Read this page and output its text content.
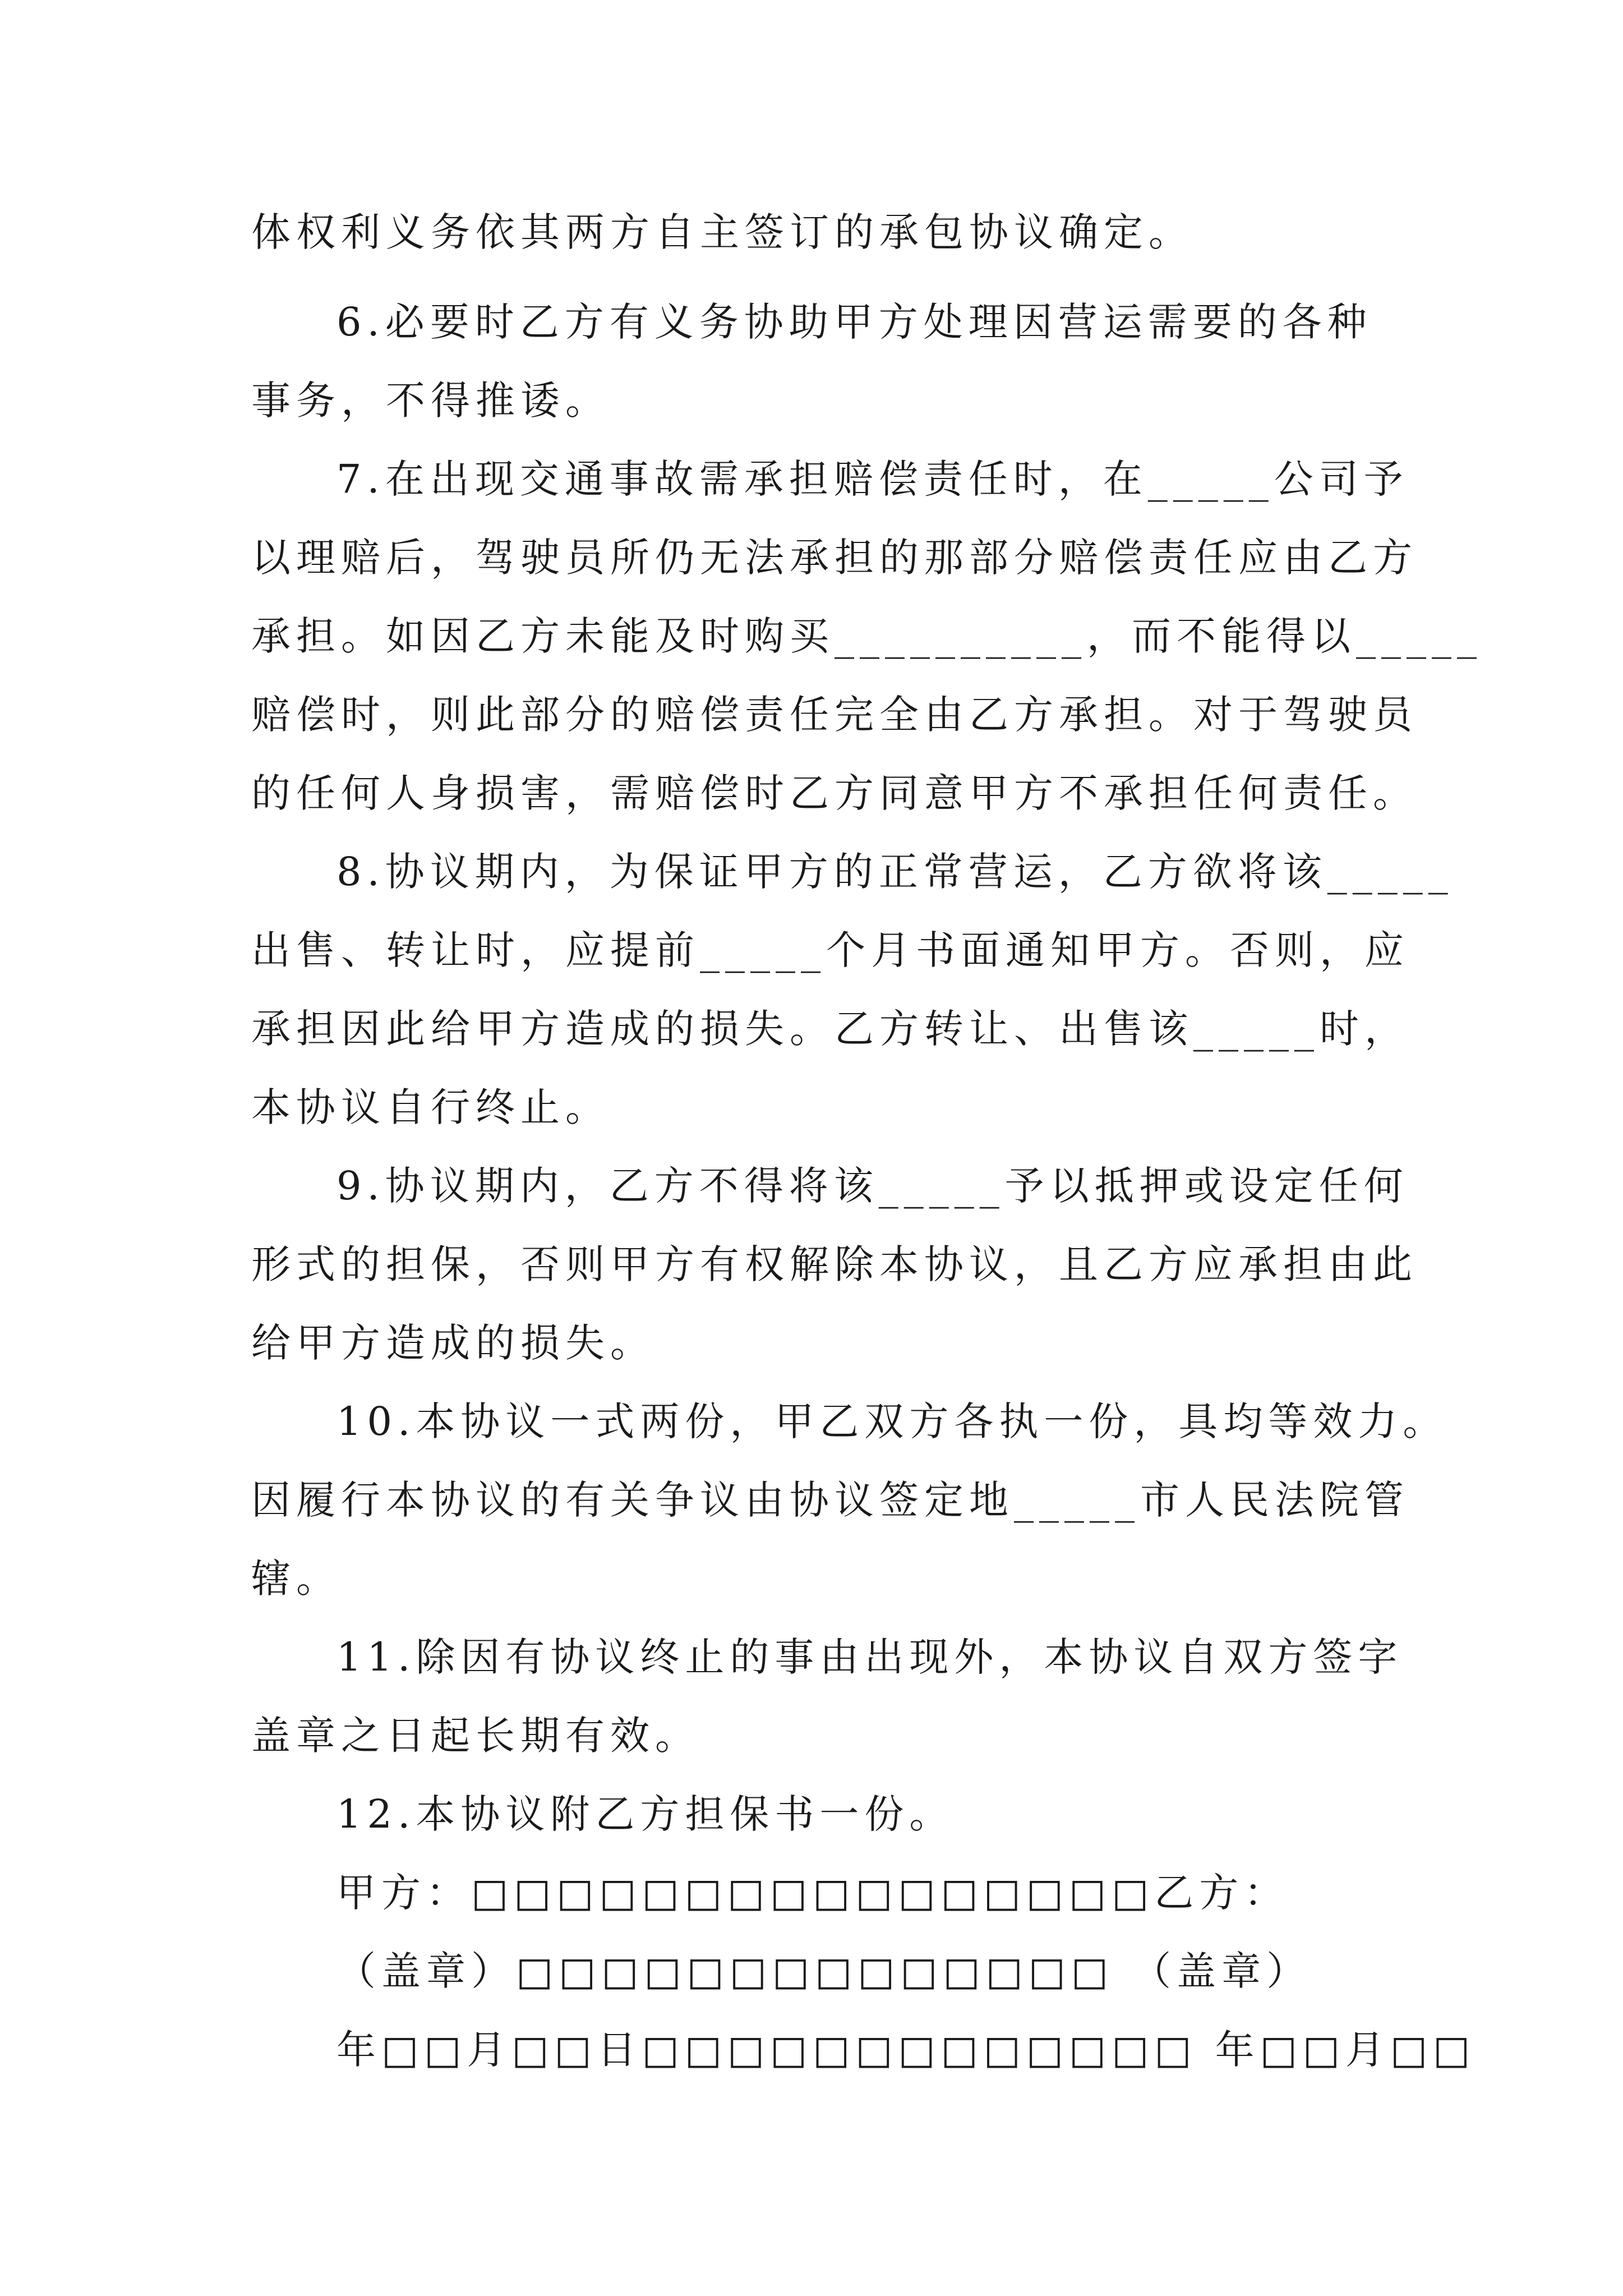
体权利义务依其两方自主签订的承包协议确定。
6.必要时乙方有义务协助甲方处理因营运需要的各种
事务，不得推诿。
7.在出现交通事故需承担赔偿责任时，在_____公司予
以理赔后，驾驶员所仍无法承担的那部分赔偿责任应由乙方
承担。如因乙方未能及时购买__________，而不能得以_____
赔偿时，则此部分的赔偿责任完全由乙方承担。对于驾驶员
的任何人身损害，需赔偿时乙方同意甲方不承担任何责任。
8.协议期内，为保证甲方的正常营运，乙方欲将该_____
出售、转让时，应提前_____个月书面通知甲方。否则，应
承担因此给甲方造成的损失。乙方转让、出售该_____时，
本协议自行终止。
9.协议期内，乙方不得将该_____予以抵押或设定任何
形式的担保，否则甲方有权解除本协议，且乙方应承担由此
给甲方造成的损失。
10.本协议一式两份，甲乙双方各执一份，具均等效力。
因履行本协议的有关争议由协议签定地_____市人民法院管
辖。
11.除因有协议终止的事由出现外，本协议自双方签字
盖章之日起长期有效。
12.本协议附乙方担保书一份。
甲方：□□□□□□□□□□□□□□□□乙方：
（盖章）□□□□□□□□□□□□□□ （盖章）
年□□月□□日□□□□□□□□□□□□□ 年□□月□□
